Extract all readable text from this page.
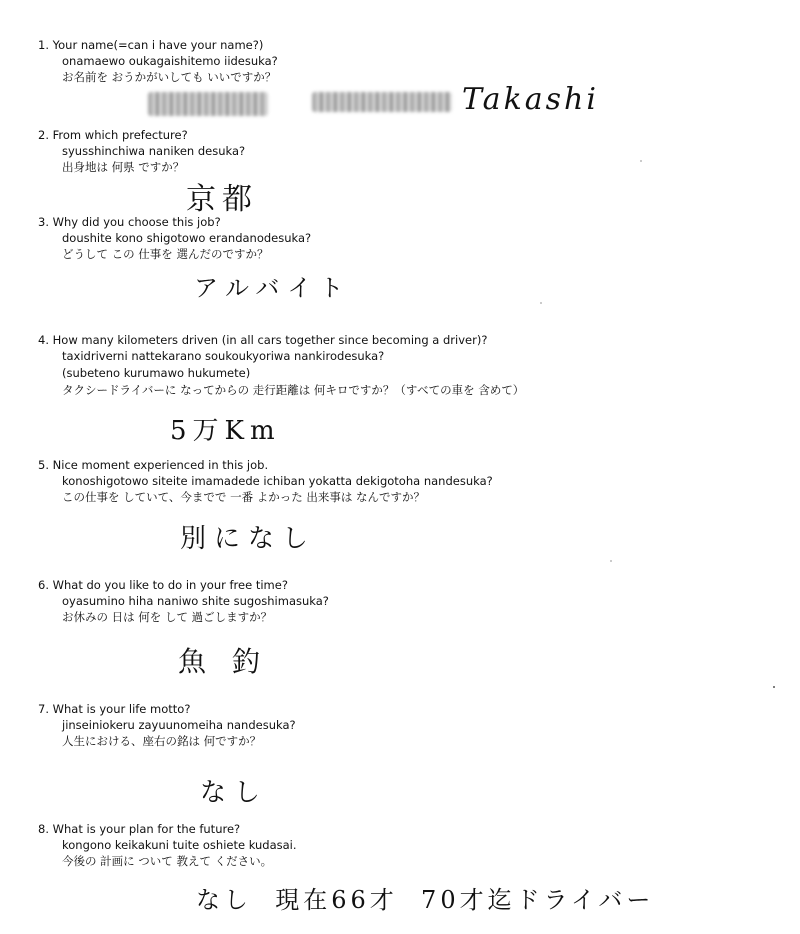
1. Your name(=can i have your name?)
onamaewo oukagaishitemo iidesuka?
お名前を おうかがいしても いいですか？
Takashi
2. From which prefecture?
syusshinchiwa naniken desuka?
出身地は 何県 ですか？
京都
3. Why did you choose this job?
doushite kono shigotowo erandanodesuka?
どうして この 仕事を 選んだのですか？
アルバイト
4. How many kilometers driven (in all cars together since becoming a driver)?
taxidriverni nattekarano soukoukyoriwa nankirodesuka?
(subeteno kurumawo hukumete)
タクシードライバーに なってからの 走行距離は 何キロですか？（すべての車を 含めて）
5万Km
5. Nice moment experienced in this job.
konoshigotowo siteite imamadede ichiban yokatta dekigotoha nandesuka?
この仕事を していて、今までで 一番 よかった 出来事は なんですか？
別になし
6. What do you like to do in your free time?
oyasumino hiha naniwo shite sugoshimasuka?
お休みの 日は 何を して 過ごしますか？
魚釣
7. What is your life motto?
jinseiniokeru zayuunomeiha nandesuka?
人生における、座右の銘は 何ですか？
なし
8. What is your plan for the future?
kongono keikakuni tuite oshiete kudasai.
今後の 計画に ついて 教えて ください。
なし  現在66才  70才迄ドライバー
